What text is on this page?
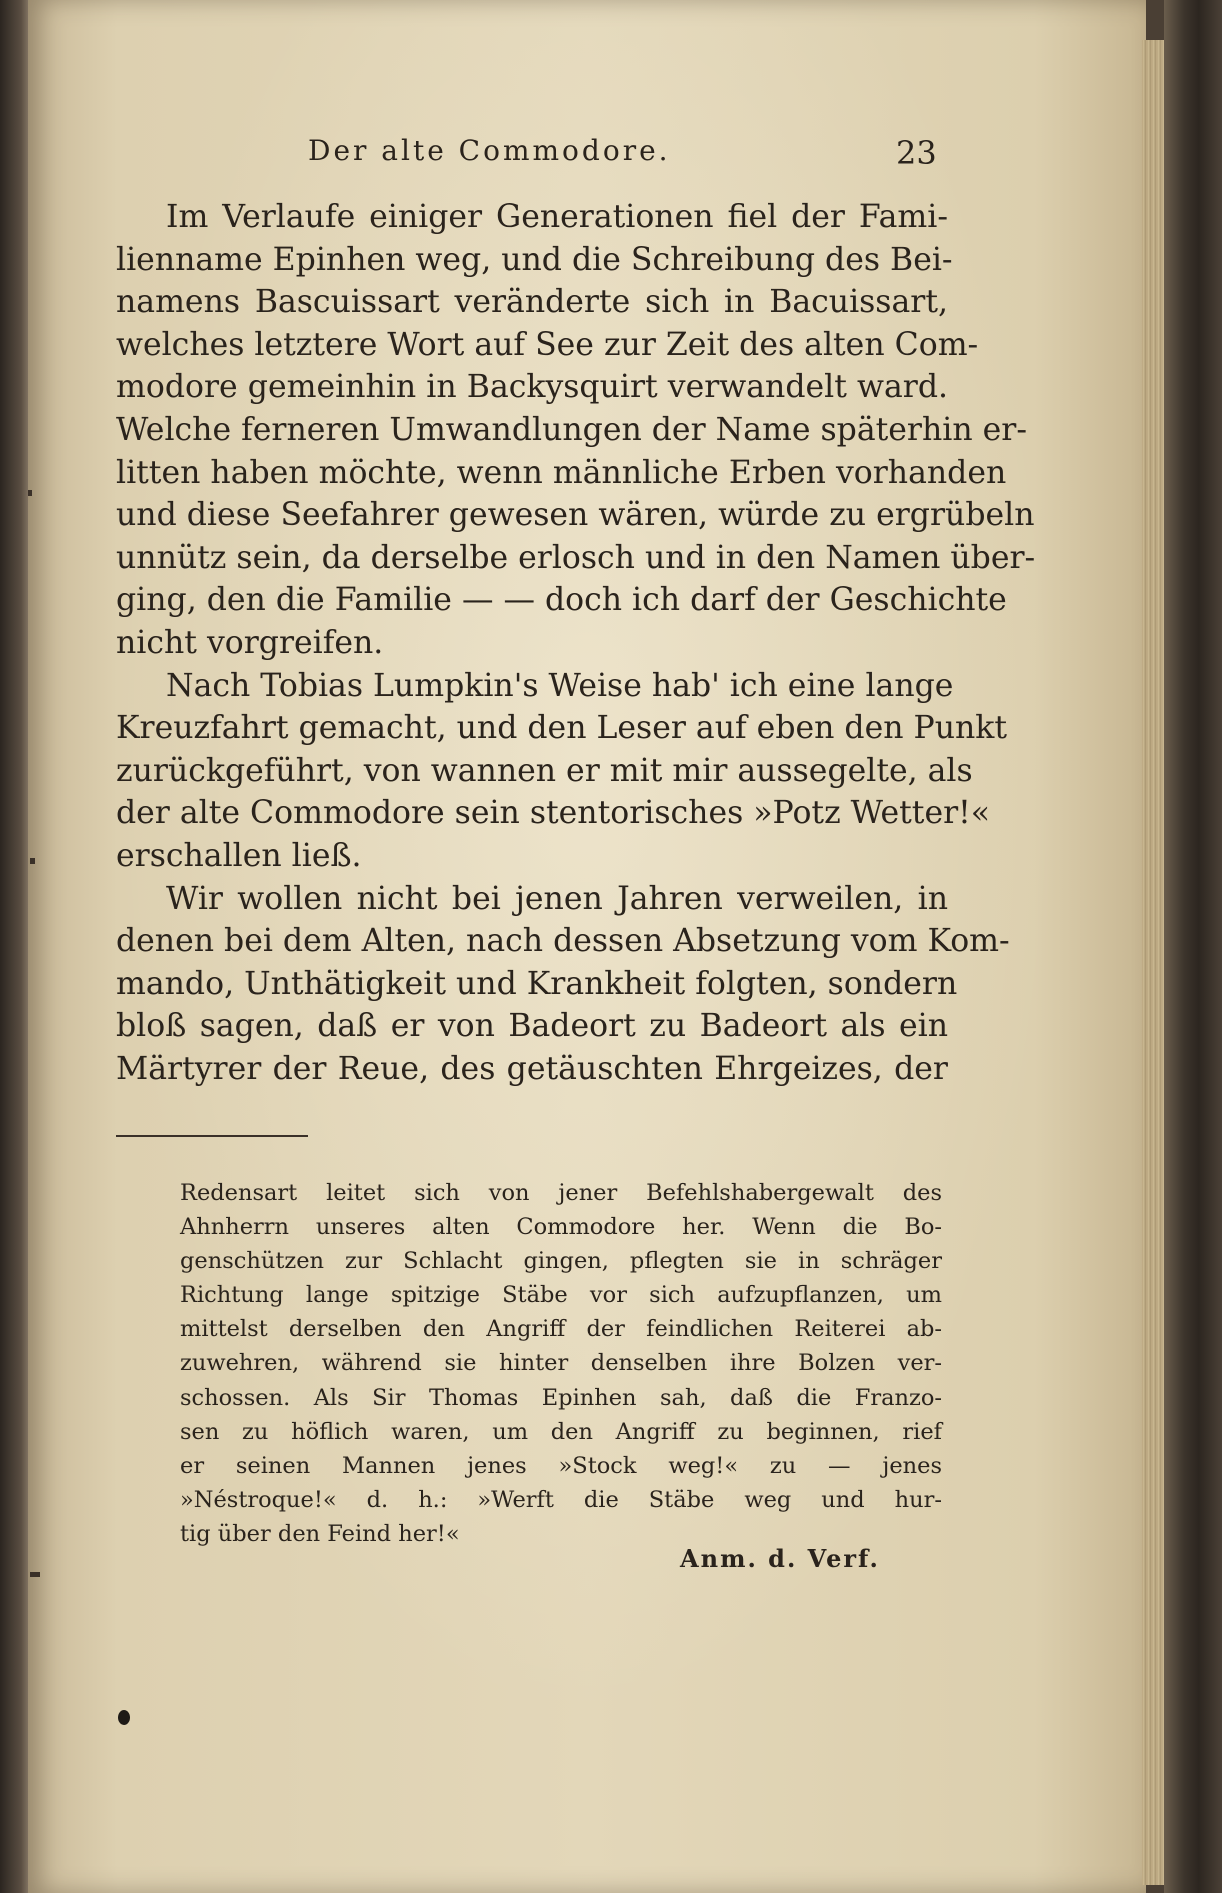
Der alte Commodore.	23

Im Verlaufe einiger Generationen fiel der Fami-
lienname Epinhen weg, und die Schreibung des Bei-
namens Bascuissart veränderte sich in Bacuissart,
welches letztere Wort auf See zur Zeit des alten Com-
modore gemeinhin in Backysquirt verwandelt ward.
Welche ferneren Umwandlungen der Name späterhin er-
litten haben möchte, wenn männliche Erben vorhanden
und diese Seefahrer gewesen wären, würde zu ergrübeln
unnütz sein, da derselbe erlosch und in den Namen über-
ging, den die Familie — — doch ich darf der Geschichte
nicht vorgreifen.

Nach Tobias Lumpkin's Weise hab' ich eine lange
Kreuzfahrt gemacht, und den Leser auf eben den Punkt
zurückgeführt, von wannen er mit mir aussegelte, als
der alte Commodore sein stentorisches »Potz Wetter!«
erschallen ließ.

Wir wollen nicht bei jenen Jahren verweilen, in
denen bei dem Alten, nach dessen Absetzung vom Kom-
mando, Unthätigkeit und Krankheit folgten, sondern
bloß sagen, daß er von Badeort zu Badeort als ein
Märtyrer der Reue, des getäuschten Ehrgeizes, der

Redensart leitet sich von jener Befehlshabergewalt des
Ahnherrn unseres alten Commodore her. Wenn die Bo-
genschützen zur Schlacht gingen, pflegten sie in schräger
Richtung lange spitzige Stäbe vor sich aufzupflanzen, um
mittelst derselben den Angriff der feindlichen Reiterei ab-
zuwehren, während sie hinter denselben ihre Bolzen ver-
schossen. Als Sir Thomas Epinhen sah, daß die Franzo-
sen zu höflich waren, um den Angriff zu beginnen, rief
er seinen Mannen jenes »Stock weg!« zu — jenes
»Néstroque!« d. h.: »Werft die Stäbe weg und hur-
tig über den Feind her!«
Anm. d. Verf.
